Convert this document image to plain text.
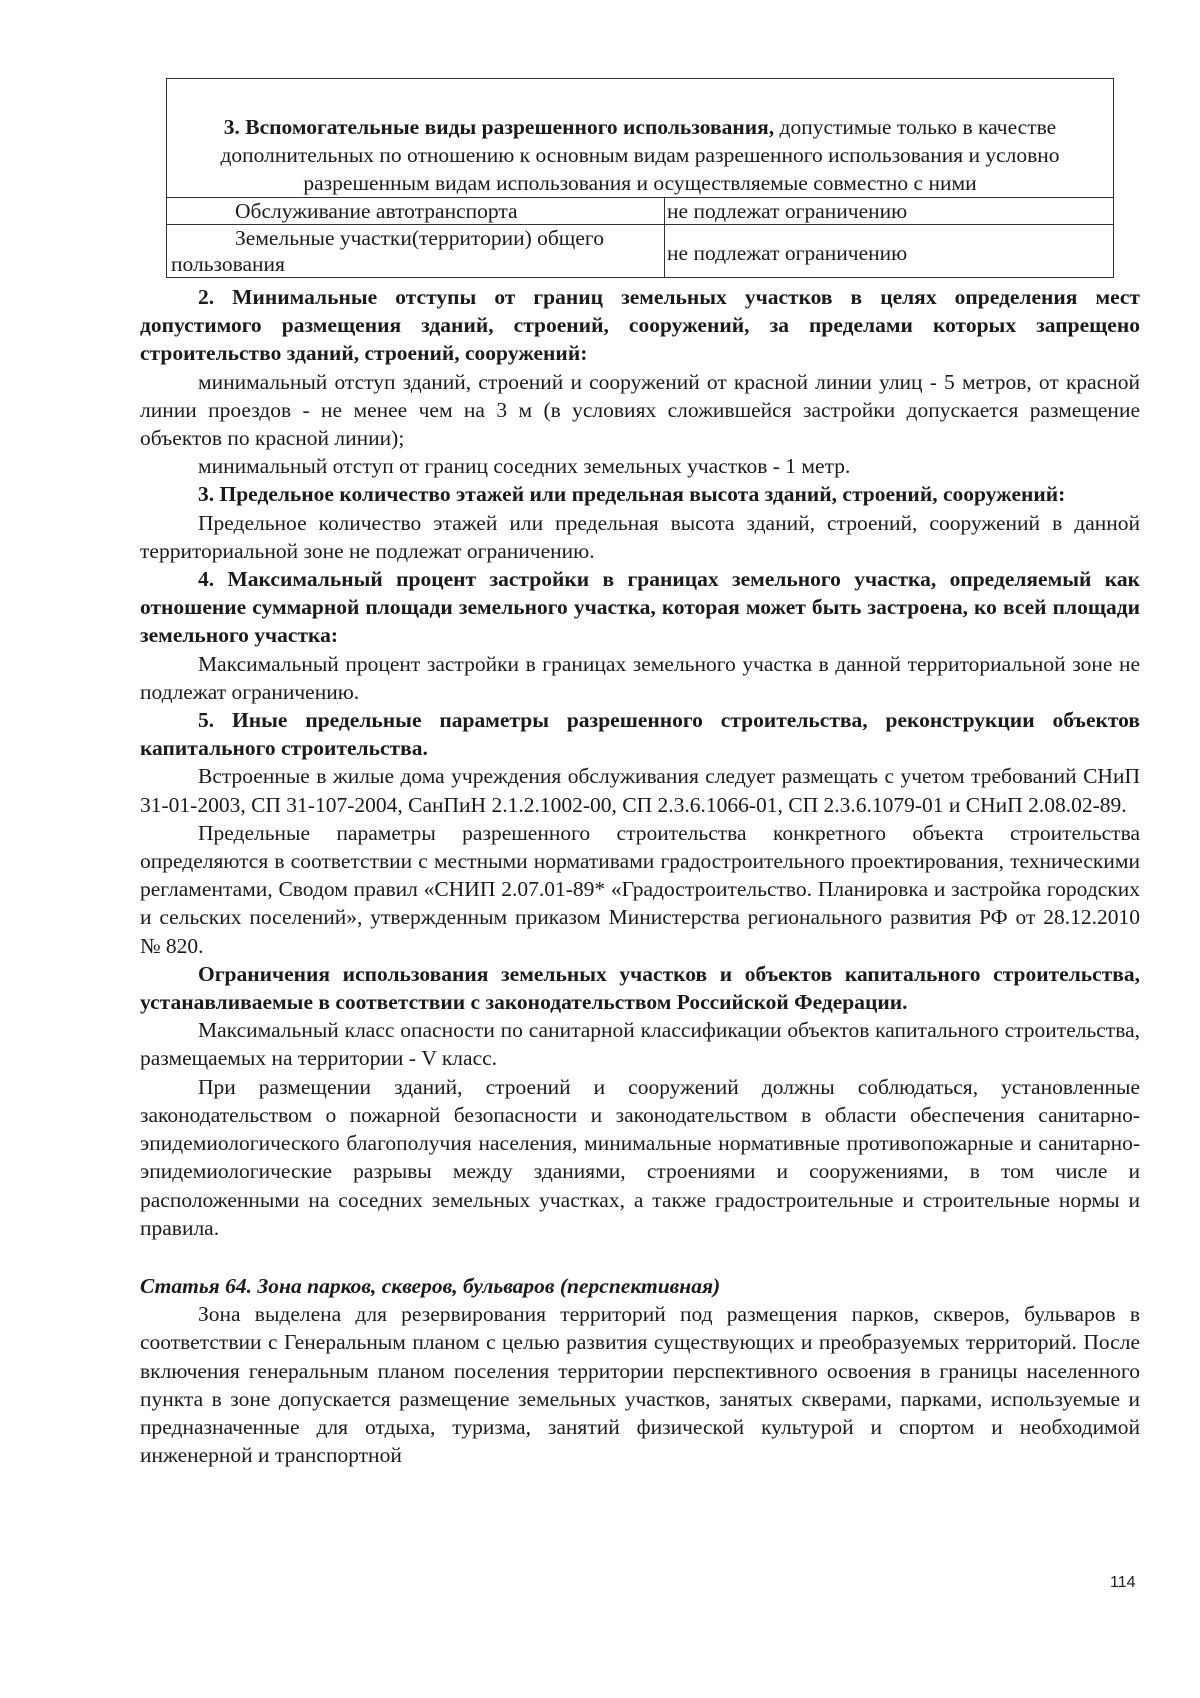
3. Вспомогательные виды разрешенного использования, допустимые только в качестве дополнительных по отношению к основным видам разрешенного использования и условно разрешенным видам использования и осуществляемые совместно с ними	
Обслуживание автотранспорта	не подлежат ограничению
Земельные участки(территории) общего
пользования	не подлежат ограничению

2. Минимальные отступы от границ земельных участков в целях определения мест допустимого размещения зданий, строений, сооружений, за пределами которых запрещено строительство зданий, строений, сооружений:

минимальный отступ зданий, строений и сооружений от красной линии улиц - 5 метров, от красной линии проездов - не менее чем на 3 м (в условиях сложившейся застройки допускается размещение объектов по красной линии);

минимальный отступ от границ соседних земельных участков - 1 метр.

3. Предельное количество этажей или предельная высота зданий, строений, сооружений:

Предельное количество этажей или предельная высота зданий, строений, сооружений в данной территориальной зоне не подлежат ограничению.

4. Максимальный процент застройки в границах земельного участка, определяемый как отношение суммарной площади земельного участка, которая может быть застроена, ко всей площади земельного участка:

Максимальный процент застройки в границах земельного участка в данной территориальной зоне не подлежат ограничению.

5. Иные предельные параметры разрешенного строительства, реконструкции объектов капитального строительства.

Встроенные в жилые дома учреждения обслуживания следует размещать с учетом требований СНиП 31-01-2003, СП 31-107-2004, СанПиН 2.1.2.1002-00, СП 2.3.6.1066-01, СП 2.3.6.1079-01 и СНиП 2.08.02-89.

Предельные параметры разрешенного строительства конкретного объекта строительства определяются в соответствии с местными нормативами градостроительного проектирования, техническими регламентами, Сводом правил «СНИП 2.07.01-89* «Градостроительство. Планировка и застройка городских и сельских поселений», утвержденным приказом Министерства регионального развития РФ от 28.12.2010 № 820.

Ограничения использования земельных участков и объектов капитального строительства, устанавливаемые в соответствии с законодательством Российской Федерации.

Максимальный класс опасности по санитарной классификации объектов капитального строительства, размещаемых на территории - V класс.

При размещении зданий, строений и сооружений должны соблюдаться, установленные законодательством о пожарной безопасности и законодательством в области обеспечения санитарно-эпидемиологического благополучия населения, минимальные нормативные противопожарные и санитарно-эпидемиологические разрывы между зданиями, строениями и сооружениями, в том числе и расположенными на соседних земельных участках, а также градостроительные и строительные нормы и правила.

Статья 64. Зона парков, скверов, бульваров (перспективная)

Зона выделена для резервирования территорий под размещения парков, скверов, бульваров в соответствии с Генеральным планом с целью развития существующих и преобразуемых территорий. После включения генеральным планом поселения территории перспективного освоения в границы населенного пункта в зоне допускается размещение земельных участков, занятых скверами, парками, используемые и предназначенные для отдыха, туризма, занятий физической культурой и спортом и необходимой инженерной и транспортной

114
